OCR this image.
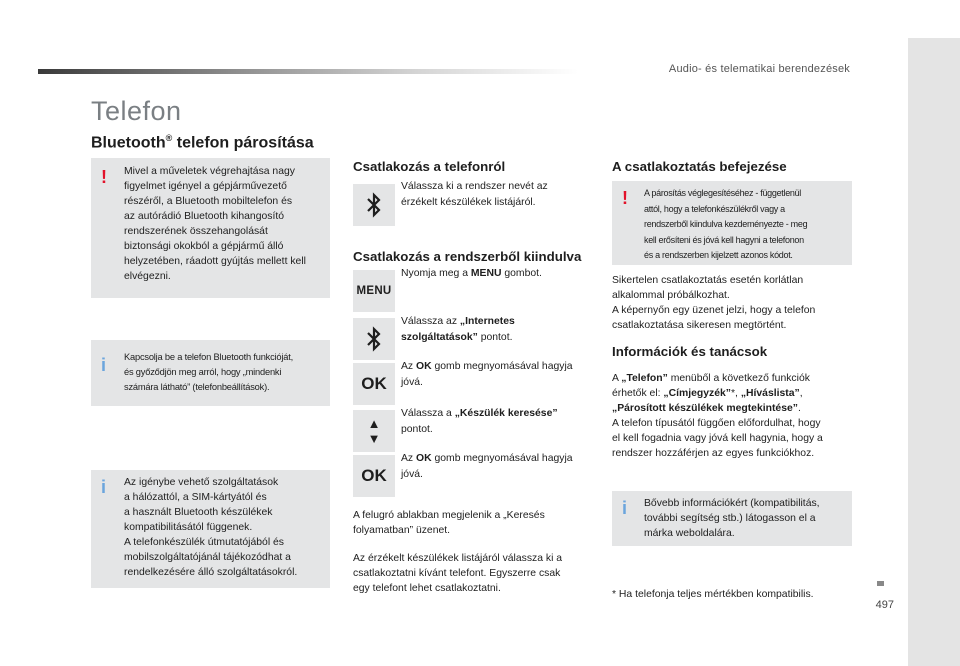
Audio- és telematikai berendezések
497
Telefon
Bluetooth® telefon párosítása
! Mivel a műveletek végrehajtása nagy
figyelmet igényel a gépjárművezető
részéről, a Bluetooth mobiltelefon és
az autórádió Bluetooth kihangosító
rendszerének összehangolását
biztonsági okokból a gépjármű álló
helyzetében, ráadott gyújtás mellett kell
elvégezni.
i Kapcsolja be a telefon Bluetooth funkcióját,
és győződjön meg arról, hogy „mindenki
számára látható” (telefonbeállítások).
i Az igénybe vehető szolgáltatások
a hálózattól, a SIM-kártyától és
a használt Bluetooth készülékek
kompatibilitásától függenek.
A telefonkészülék útmutatójából és
mobilszolgáltatójánál tájékozódhat a
rendelkezésére álló szolgáltatásokról.
Csatlakozás a telefonról
Válassza ki a rendszer nevét az
érzékelt készülékek listájáról.
Csatlakozás a rendszerből kiindulva
MENU
Nyomja meg a MENU gombot.
Válassza az „Internetes
szolgáltatások” pontot.
OK
Az OK gomb megnyomásával hagyja
jóvá.
▲
▼
Válassza a „Készülék keresése”
pontot.
OK
Az OK gomb megnyomásával hagyja
jóvá.
A felugró ablakban megjelenik a „Keresés
folyamatban” üzenet.
Az érzékelt készülékek listájáról válassza ki a
csatlakoztatni kívánt telefont. Egyszerre csak
egy telefont lehet csatlakoztatni.
A csatlakoztatás befejezése
! A párosítás véglegesítéséhez - függetlenül
attól, hogy a telefonkészülékről vagy a
rendszerből kiindulva kezdeményezte - meg
kell erősíteni és jóvá kell hagyni a telefonon
és a rendszerben kijelzett azonos kódot.
Sikertelen csatlakoztatás esetén korlátlan
alkalommal próbálkozhat.
A képernyőn egy üzenet jelzi, hogy a telefon
csatlakoztatása sikeresen megtörtént.
Információk és tanácsok
A „Telefon” menüből a következő funkciók
érhetők el: „Címjegyzék”*, „Híváslista”,
„Párosított készülékek megtekintése”.
A telefon típusától függően előfordulhat, hogy
el kell fogadnia vagy jóvá kell hagynia, hogy a
rendszer hozzáférjen az egyes funkciókhoz.
i Bővebb információkért (kompatibilitás,
további segítség stb.) látogasson el a
márka weboldalára.
* Ha telefonja teljes mértékben kompatibilis.
